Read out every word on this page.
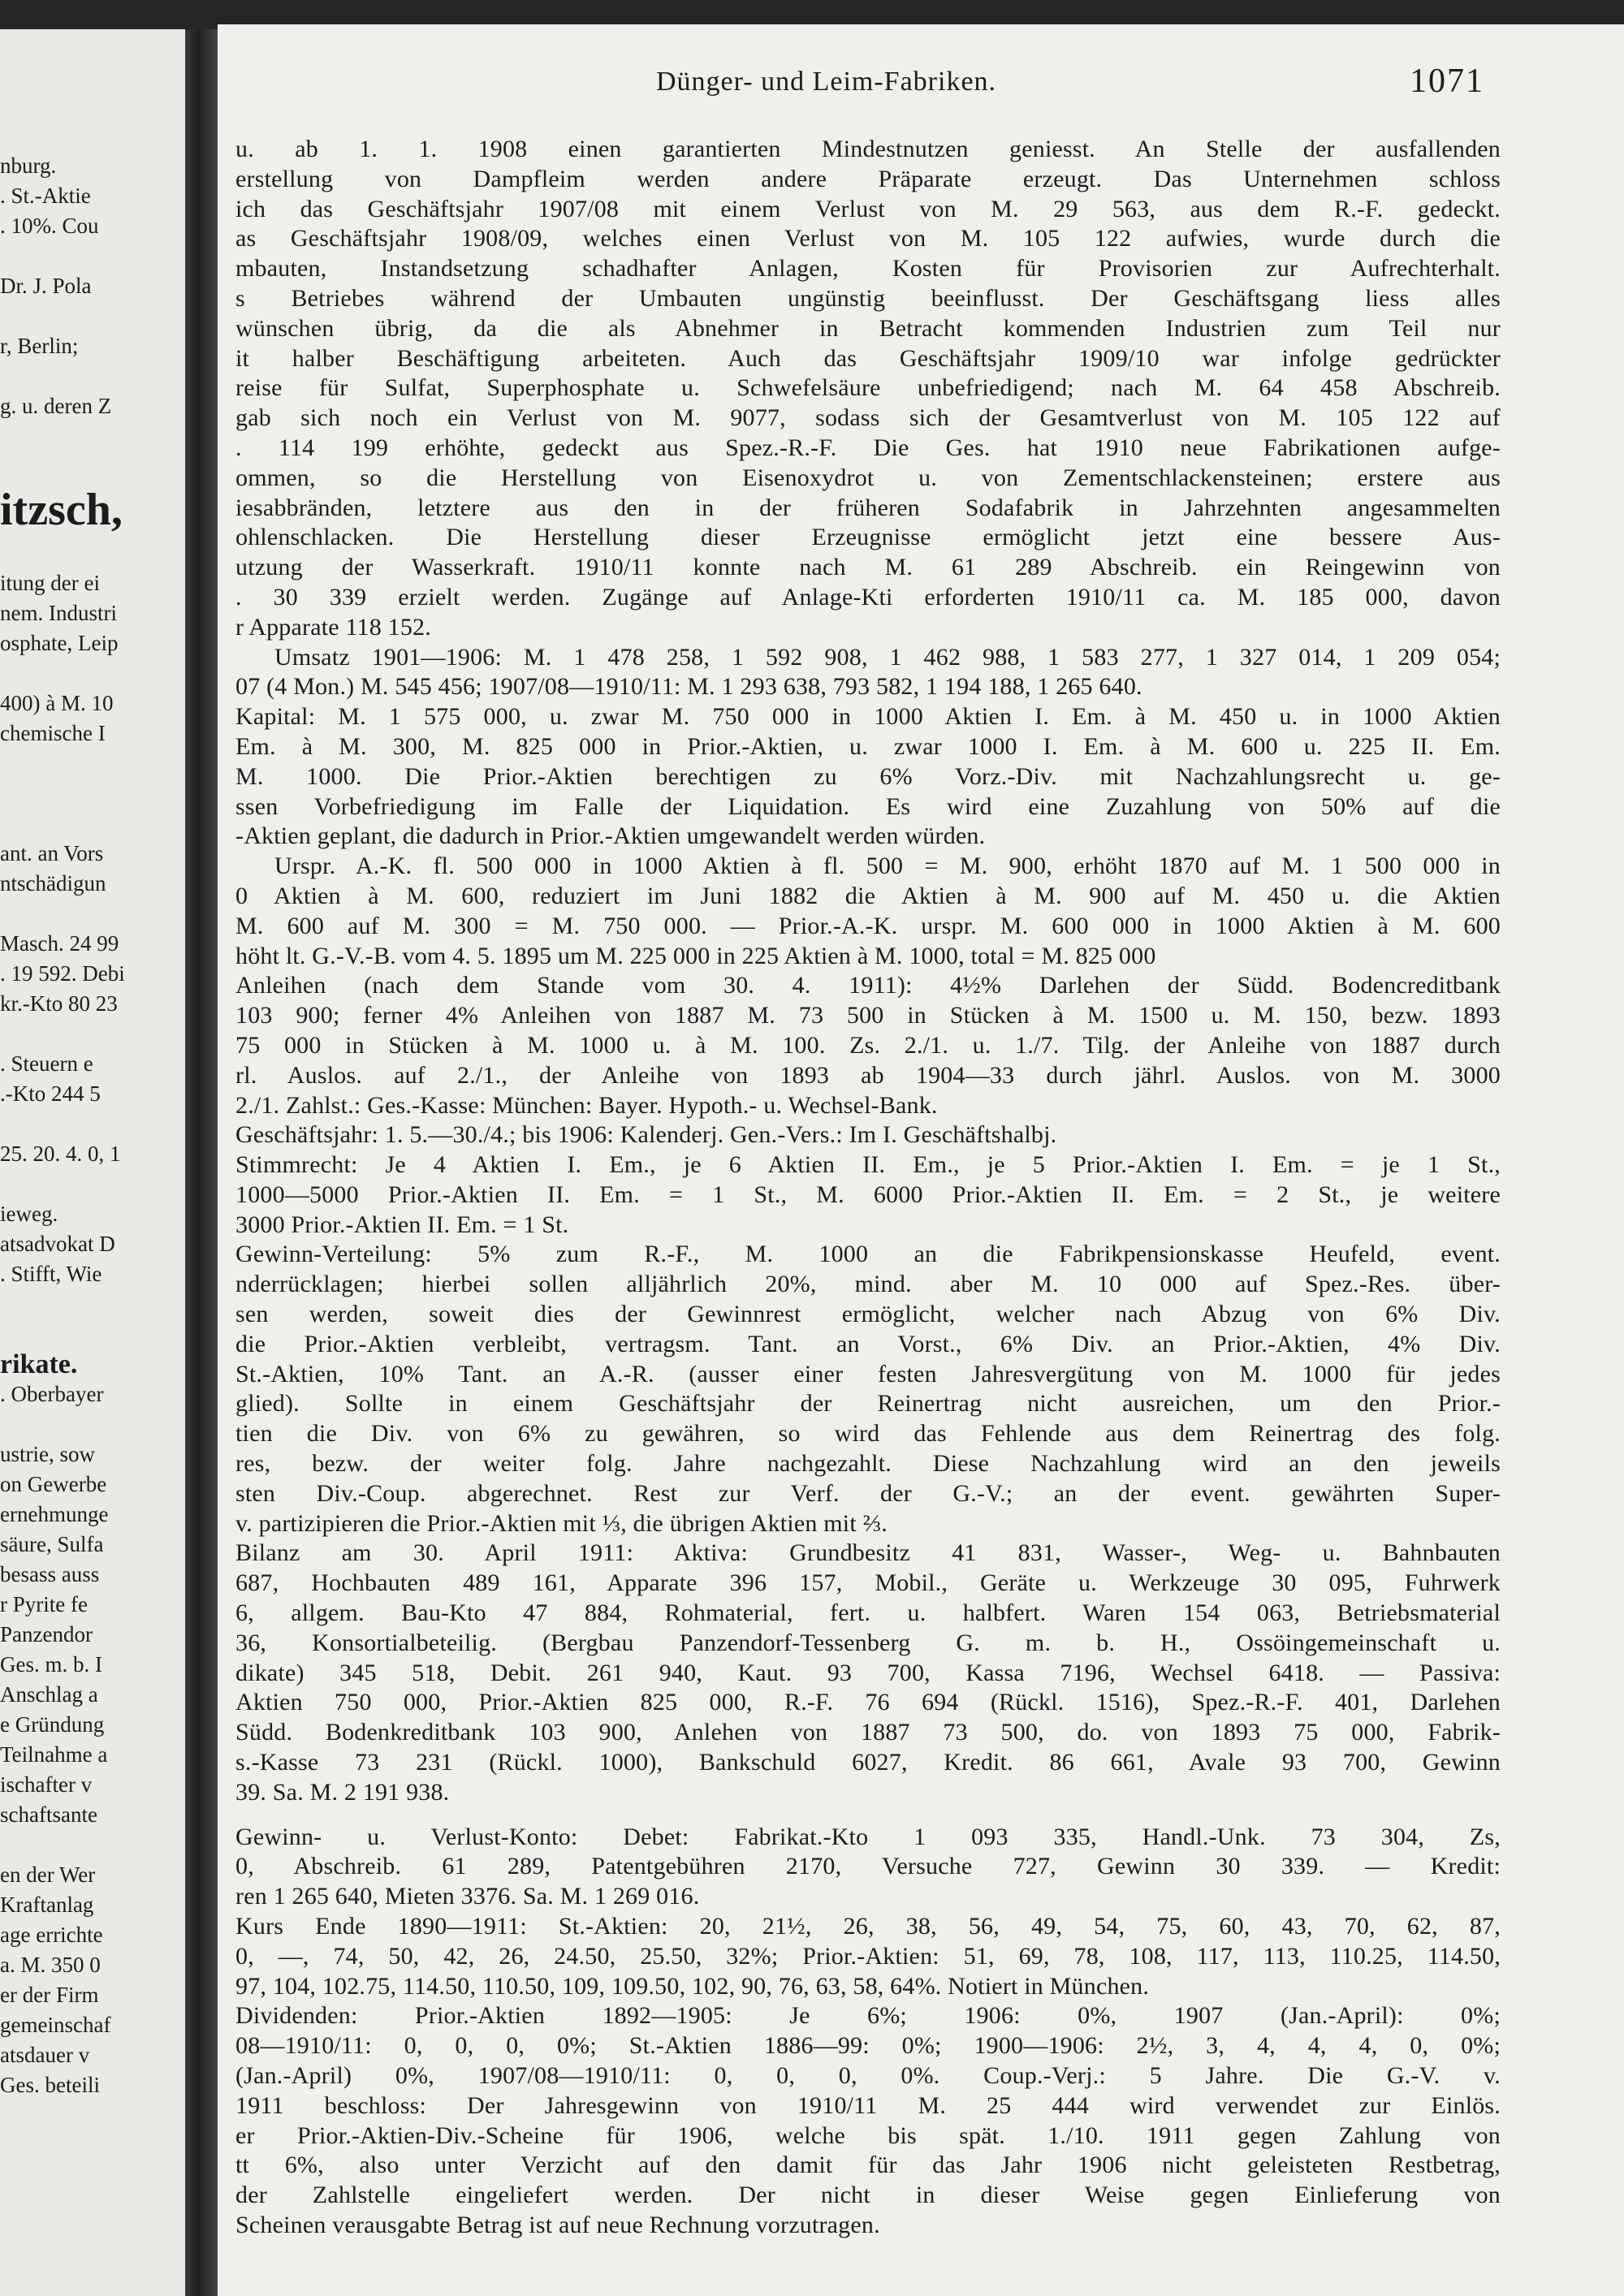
nburg.
. St.-Aktie
. 10%. Cou
Dr. J. Pola
r, Berlin;
g. u. deren Z
itzsch,
itung der ei
nem. Industri
osphate, Leip
400) à M. 10
chemische I
ant. an Vors
ntschädigun
Masch. 24 99
. 19 592. Debi
kr.-Kto 80 23
. Steuern e
.-Kto 244 5
25. 20. 4. 0, 1
ieweg.
atsadvokat D
. Stifft, Wie
rikate.
. Oberbayer
ustrie, sow
on Gewerbe
ernehmunge
säure, Sulfa
besass auss
r Pyrite fe
Panzendor
Ges. m. b. I
Anschlag a
e Gründung
Teilnahme a
ischafter v
schaftsante
en der Wer
Kraftanlag
age errichte
a. M. 350 0
er der Firm
gemeinschaf
atsdauer v
Ges. beteili
Dünger- und Leim-Fabriken.	1071
u. ab 1. 1. 1908 einen garantierten Mindestnutzen geniesst. An Stelle der ausfallenden
erstellung von Dampfleim werden andere Präparate erzeugt. Das Unternehmen schloss
ich das Geschäftsjahr 1907/08 mit einem Verlust von M. 29 563, aus dem R.-F. gedeckt.
as Geschäftsjahr 1908/09, welches einen Verlust von M. 105 122 aufwies, wurde durch die
mbauten, Instandsetzung schadhafter Anlagen, Kosten für Provisorien zur Aufrechterhalt.
s Betriebes während der Umbauten ungünstig beeinflusst. Der Geschäftsgang liess alles
wünschen übrig, da die als Abnehmer in Betracht kommenden Industrien zum Teil nur
it halber Beschäftigung arbeiteten. Auch das Geschäftsjahr 1909/10 war infolge gedrückter
reise für Sulfat, Superphosphate u. Schwefelsäure unbefriedigend; nach M. 64 458 Abschreib.
gab sich noch ein Verlust von M. 9077, sodass sich der Gesamtverlust von M. 105 122 auf
. 114 199 erhöhte, gedeckt aus Spez.-R.-F. Die Ges. hat 1910 neue Fabrikationen aufge-
ommen, so die Herstellung von Eisenoxydrot u. von Zementschlackensteinen; erstere aus
iesabbränden, letztere aus den in der früheren Sodafabrik in Jahrzehnten angesammelten
ohlenschlacken. Die Herstellung dieser Erzeugnisse ermöglicht jetzt eine bessere Aus-
utzung der Wasserkraft. 1910/11 konnte nach M. 61 289 Abschreib. ein Reingewinn von
. 30 339 erzielt werden. Zugänge auf Anlage-Kti erforderten 1910/11 ca. M. 185 000, davon
r Apparate 118 152.
Umsatz 1901—1906: M. 1 478 258, 1 592 908, 1 462 988, 1 583 277, 1 327 014, 1 209 054;
07 (4 Mon.) M. 545 456; 1907/08—1910/11: M. 1 293 638, 793 582, 1 194 188, 1 265 640.
Kapital: M. 1 575 000, u. zwar M. 750 000 in 1000 Aktien I. Em. à M. 450 u. in 1000 Aktien
Em. à M. 300, M. 825 000 in Prior.-Aktien, u. zwar 1000 I. Em. à M. 600 u. 225 II. Em.
M. 1000. Die Prior.-Aktien berechtigen zu 6% Vorz.-Div. mit Nachzahlungsrecht u. ge-
ssen Vorbefriedigung im Falle der Liquidation. Es wird eine Zuzahlung von 50% auf die
-Aktien geplant, die dadurch in Prior.-Aktien umgewandelt werden würden.
Urspr. A.-K. fl. 500 000 in 1000 Aktien à fl. 500 = M. 900, erhöht 1870 auf M. 1 500 000 in
0 Aktien à M. 600, reduziert im Juni 1882 die Aktien à M. 900 auf M. 450 u. die Aktien
M. 600 auf M. 300 = M. 750 000. — Prior.-A.-K. urspr. M. 600 000 in 1000 Aktien à M. 600
höht lt. G.-V.-B. vom 4. 5. 1895 um M. 225 000 in 225 Aktien à M. 1000, total = M. 825 000
Anleihen (nach dem Stande vom 30. 4. 1911): 4½% Darlehen der Südd. Bodencreditbank
103 900; ferner 4% Anleihen von 1887 M. 73 500 in Stücken à M. 1500 u. M. 150, bezw. 1893
75 000 in Stücken à M. 1000 u. à M. 100. Zs. 2./1. u. 1./7. Tilg. der Anleihe von 1887 durch
rl. Auslos. auf 2./1., der Anleihe von 1893 ab 1904—33 durch jährl. Auslos. von M. 3000
2./1. Zahlst.: Ges.-Kasse: München: Bayer. Hypoth.- u. Wechsel-Bank.
Geschäftsjahr: 1. 5.—30./4.; bis 1906: Kalenderj. Gen.-Vers.: Im I. Geschäftshalbj.
Stimmrecht: Je 4 Aktien I. Em., je 6 Aktien II. Em., je 5 Prior.-Aktien I. Em. = je 1 St.,
1000—5000 Prior.-Aktien II. Em. = 1 St., M. 6000 Prior.-Aktien II. Em. = 2 St., je weitere
3000 Prior.-Aktien II. Em. = 1 St.
Gewinn-Verteilung: 5% zum R.-F., M. 1000 an die Fabrikpensionskasse Heufeld, event.
nderrücklagen; hierbei sollen alljährlich 20%, mind. aber M. 10 000 auf Spez.-Res. über-
sen werden, soweit dies der Gewinnrest ermöglicht, welcher nach Abzug von 6% Div.
die Prior.-Aktien verbleibt, vertragsm. Tant. an Vorst., 6% Div. an Prior.-Aktien, 4% Div.
St.-Aktien, 10% Tant. an A.-R. (ausser einer festen Jahresvergütung von M. 1000 für jedes
glied). Sollte in einem Geschäftsjahr der Reinertrag nicht ausreichen, um den Prior.-
tien die Div. von 6% zu gewähren, so wird das Fehlende aus dem Reinertrag des folg.
res, bezw. der weiter folg. Jahre nachgezahlt. Diese Nachzahlung wird an den jeweils
sten Div.-Coup. abgerechnet. Rest zur Verf. der G.-V.; an der event. gewährten Super-
v. partizipieren die Prior.-Aktien mit ⅓, die übrigen Aktien mit ⅔.
Bilanz am 30. April 1911: Aktiva: Grundbesitz 41 831, Wasser-, Weg- u. Bahnbauten
687, Hochbauten 489 161, Apparate 396 157, Mobil., Geräte u. Werkzeuge 30 095, Fuhrwerk
6, allgem. Bau-Kto 47 884, Rohmaterial, fert. u. halbfert. Waren 154 063, Betriebsmaterial
36, Konsortialbeteilig. (Bergbau Panzendorf-Tessenberg G. m. b. H., Ossöingemeinschaft u.
dikate) 345 518, Debit. 261 940, Kaut. 93 700, Kassa 7196, Wechsel 6418. — Passiva:
Aktien 750 000, Prior.-Aktien 825 000, R.-F. 76 694 (Rückl. 1516), Spez.-R.-F. 401, Darlehen
Südd. Bodenkreditbank 103 900, Anlehen von 1887 73 500, do. von 1893 75 000, Fabrik-
s.-Kasse 73 231 (Rückl. 1000), Bankschuld 6027, Kredit. 86 661, Avale 93 700, Gewinn
39. Sa. M. 2 191 938.
Gewinn- u. Verlust-Konto: Debet: Fabrikat.-Kto 1 093 335, Handl.-Unk. 73 304, Zs,
0, Abschreib. 61 289, Patentgebühren 2170, Versuche 727, Gewinn 30 339. — Kredit:
ren 1 265 640, Mieten 3376. Sa. M. 1 269 016.
Kurs Ende 1890—1911: St.-Aktien: 20, 21½, 26, 38, 56, 49, 54, 75, 60, 43, 70, 62, 87,
0, —, 74, 50, 42, 26, 24.50, 25.50, 32%; Prior.-Aktien: 51, 69, 78, 108, 117, 113, 110.25, 114.50,
97, 104, 102.75, 114.50, 110.50, 109, 109.50, 102, 90, 76, 63, 58, 64%. Notiert in München.
Dividenden: Prior.-Aktien 1892—1905: Je 6%; 1906: 0%, 1907 (Jan.-April): 0%;
08—1910/11: 0, 0, 0, 0%; St.-Aktien 1886—99: 0%; 1900—1906: 2½, 3, 4, 4, 4, 0, 0%;
(Jan.-April) 0%, 1907/08—1910/11: 0, 0, 0, 0%. Coup.-Verj.: 5 Jahre. Die G.-V. v.
1911 beschloss: Der Jahresgewinn von 1910/11 M. 25 444 wird verwendet zur Einlös.
er Prior.-Aktien-Div.-Scheine für 1906, welche bis spät. 1./10. 1911 gegen Zahlung von
tt 6%, also unter Verzicht auf den damit für das Jahr 1906 nicht geleisteten Restbetrag,
der Zahlstelle eingeliefert werden. Der nicht in dieser Weise gegen Einlieferung von
Scheinen verausgabte Betrag ist auf neue Rechnung vorzutragen.
